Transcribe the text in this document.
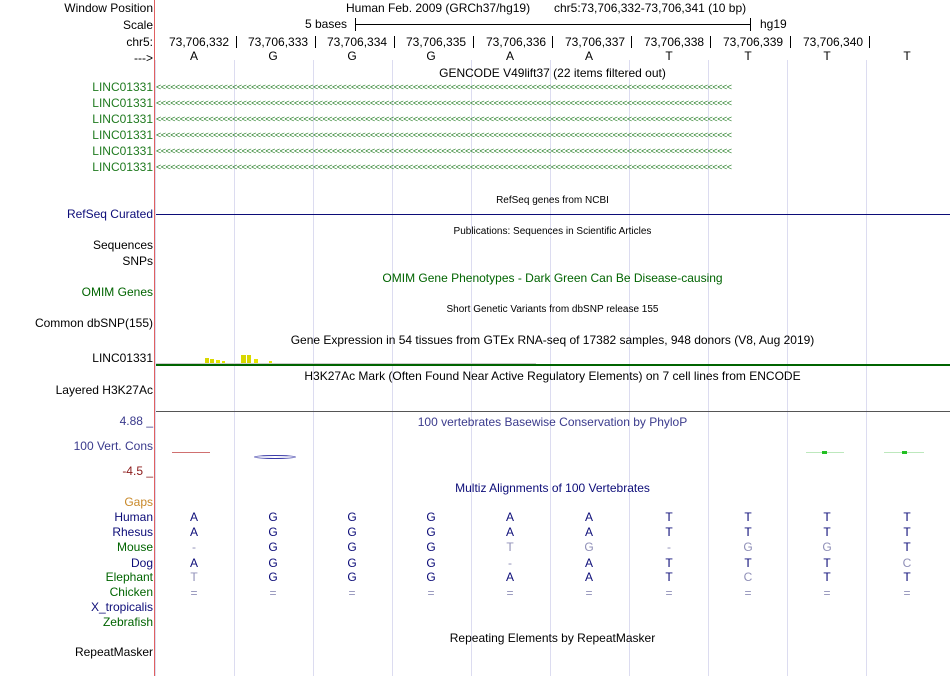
Window Position	Human Feb. 2009 (GRCh37/hg19) chr5:73,706,332-73,706,341 (10 bp)
Scale	5 bases	hg19
chr5: 73,706,332 73,706,333 73,706,334 73,706,335 73,706,336 73,706,337 73,706,338 73,706,339 73,706,340
--->	A	G	G	G	A	A	T	T	T	T
GENCODE V49lift37 (22 items filtered out)
LINC01331 <<<<<<<<<<<<<<<<<<<<<<<<<<<<<<<<<<<<<<<<<<<<<<<<<<<<<<<<<<<<<<<<<<<<<<<<<<<<<<<<<<<<<<<<<<<<<<<<<<<<<<<<<<<<<<<<<<<<<<<<<
LINC01331 <<<<<<<<<<<<<<<<<<<<<<<<<<<<<<<<<<<<<<<<<<<<<<<<<<<<<<<<<<<<<<<<<<<<<<<<<<<<<<<<<<<<<<<<<<<<<<<<<<<<<<<<<<<<<<<<<<<<<<<<<
LINC01331 <<<<<<<<<<<<<<<<<<<<<<<<<<<<<<<<<<<<<<<<<<<<<<<<<<<<<<<<<<<<<<<<<<<<<<<<<<<<<<<<<<<<<<<<<<<<<<<<<<<<<<<<<<<<<<<<<<<<<<<<<
LINC01331 <<<<<<<<<<<<<<<<<<<<<<<<<<<<<<<<<<<<<<<<<<<<<<<<<<<<<<<<<<<<<<<<<<<<<<<<<<<<<<<<<<<<<<<<<<<<<<<<<<<<<<<<<<<<<<<<<<<<<<<<<
LINC01331 <<<<<<<<<<<<<<<<<<<<<<<<<<<<<<<<<<<<<<<<<<<<<<<<<<<<<<<<<<<<<<<<<<<<<<<<<<<<<<<<<<<<<<<<<<<<<<<<<<<<<<<<<<<<<<<<<<<<<<<<<
LINC01331 <<<<<<<<<<<<<<<<<<<<<<<<<<<<<<<<<<<<<<<<<<<<<<<<<<<<<<<<<<<<<<<<<<<<<<<<<<<<<<<<<<<<<<<<<<<<<<<<<<<<<<<<<<<<<<<<<<<<<<<<<
RefSeq genes from NCBI
RefSeq Curated
Publications: Sequences in Scientific Articles
Sequences
SNPs
OMIM Gene Phenotypes - Dark Green Can Be Disease-causing
OMIM Genes
Short Genetic Variants from dbSNP release 155
Common dbSNP(155)
Gene Expression in 54 tissues from GTEx RNA-seq of 17382 samples, 948 donors (V8, Aug 2019)
LINC01331
H3K27Ac Mark (Often Found Near Active Regulatory Elements) on 7 cell lines from ENCODE
Layered H3K27Ac
100 vertebrates Basewise Conservation by PhyloP
4.88 _
100 Vert. Cons
-4.5 _
Multiz Alignments of 100 Vertebrates
Gaps
Human	A	G	G	G	A	A	T	T	T	T
Rhesus	A	G	G	G	A	A	T	T	T	T
Mouse	-	G	G	G	T	G	-	G	G	T
Dog	A	G	G	G	-	A	T	T	T	C
Elephant	T	G	G	G	A	A	T	C	T	T
Chicken	=	=	=	=	=	=	=	=	=	=
X_tropicalis
Zebrafish
Repeating Elements by RepeatMasker
RepeatMasker
